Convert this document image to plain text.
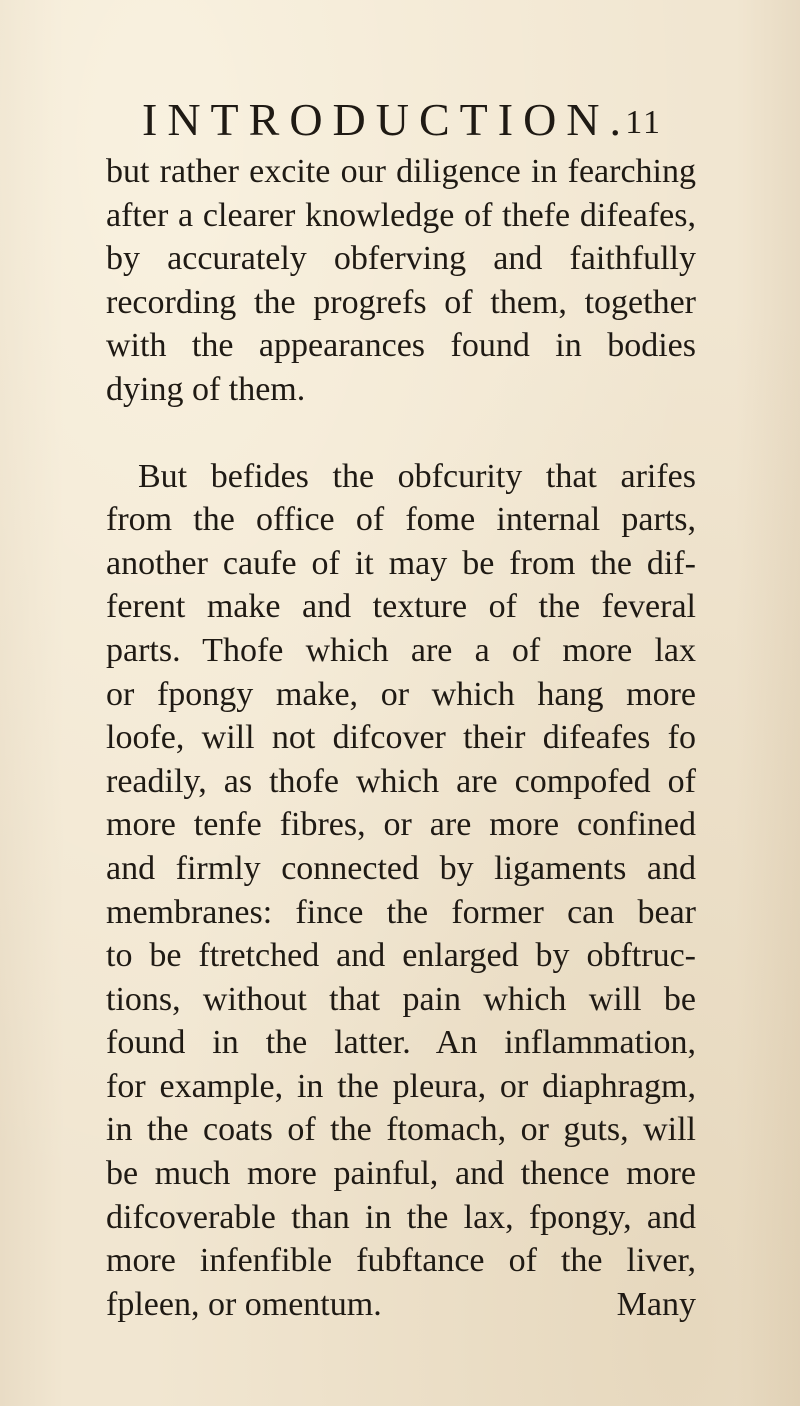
INTRODUCTION.
11
but rather excite our diligence in fearching
after a clearer knowledge of thefe difeafes,
by accurately obferving and faithfully
recording the progrefs of them, together
with the appearances found in bodies
dying of them.
But befides the obfcurity that arifes
from the office of fome internal parts,
another caufe of it may be from the dif-
ferent make and texture of the feveral
parts. Thofe which are a of more lax
or fpongy make, or which hang more
loofe, will not difcover their difeafes fo
readily, as thofe which are compofed of
more tenfe fibres, or are more confined
and firmly connected by ligaments and
membranes: fince the former can bear
to be ftretched and enlarged by obftruc-
tions, without that pain which will be
found in the latter. An inflammation,
for example, in the pleura, or diaphragm,
in the coats of the ftomach, or guts, will
be much more painful, and thence more
difcoverable than in the lax, fpongy, and
more infenfible fubftance of the liver,
fpleen, or omentum.	Many
